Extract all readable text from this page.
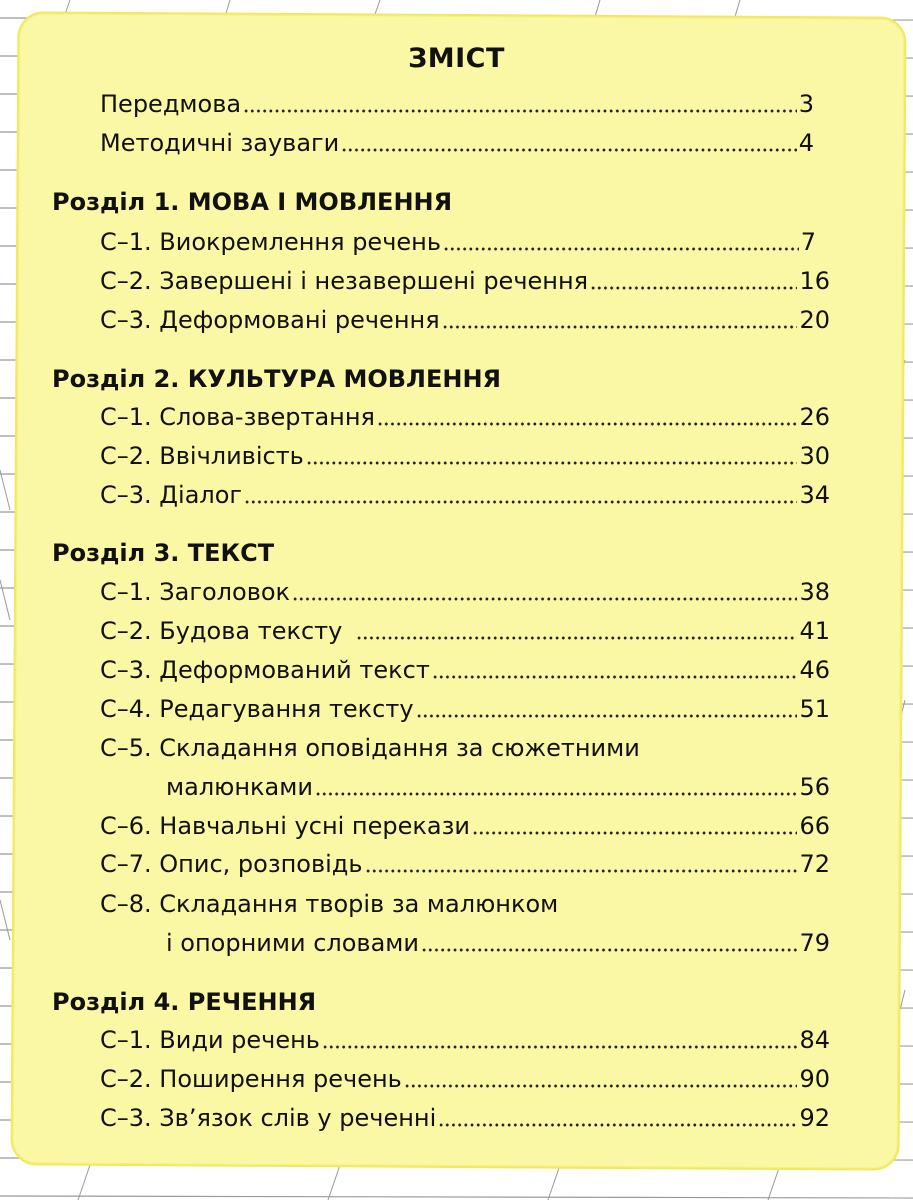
ЗМІСТ
Передмова	3
Методичні зауваги	4
Розділ 1. МОВА І МОВЛЕННЯ
С–1. Виокремлення речень	7
С–2. Завершені і незавершені речення	16
С–3. Деформовані речення	20
Розділ 2. КУЛЬТУРА МОВЛЕННЯ
С–1. Слова-звертання	26
С–2. Ввічливість	30
С–3. Діалог	34
Розділ 3. ТЕКСТ
С–1. Заголовок	38
С–2. Будова тексту	41
С–3. Деформований текст	46
С–4. Редагування тексту	51
С–5. Складання оповідання за сюжетними
малюнками	56
С–6. Навчальні усні перекази	66
С–7. Опис, розповідь	72
С–8. Складання творів за малюнком
і опорними словами	79
Розділ 4. РЕЧЕННЯ
С–1. Види речень	84
С–2. Поширення речень	90
С–3. Зв’язок слів у реченні	92
